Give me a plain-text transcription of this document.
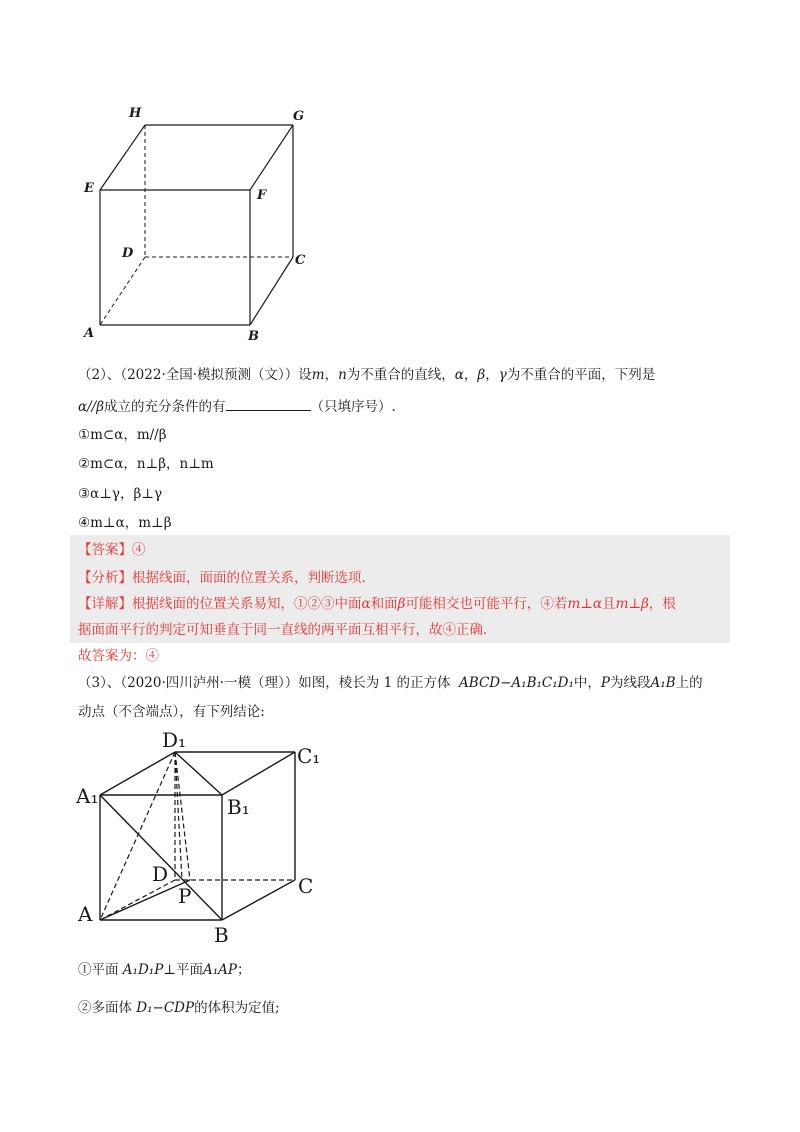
H	G
E	F
D	C
A	B
（2）、（2022·全国·模拟预测（文））设m，n为不重合的直线，α，β，γ为不重合的平面，下列是
α//β成立的充分条件的有	（只填序号）.
①m⊂α，m//β
②m⊂α，n⊥β，n⊥m
③α⊥γ，β⊥γ
④m⊥α，m⊥β
【答案】④
【分析】根据线面，面面的位置关系，判断选项.
【详解】根据线面的位置关系易知，①②③中面α和面β可能相交也可能平行，④若m⊥α且m⊥β，根
据面面平行的判定可知垂直于同一直线的两平面互相平行，故④正确.
故答案为：④
（3）、（2020·四川泸州·一模（理））如图，棱长为 1 的正方体 ABCD−A₁B₁C₁D₁中，P为线段A₁B上的
动点（不含端点），有下列结论:
D₁
C₁
A₁	B₁
D	C
P
A
B
①平面 A₁D₁P⊥平面A₁AP；
②多面体 D₁−CDP的体积为定值;
